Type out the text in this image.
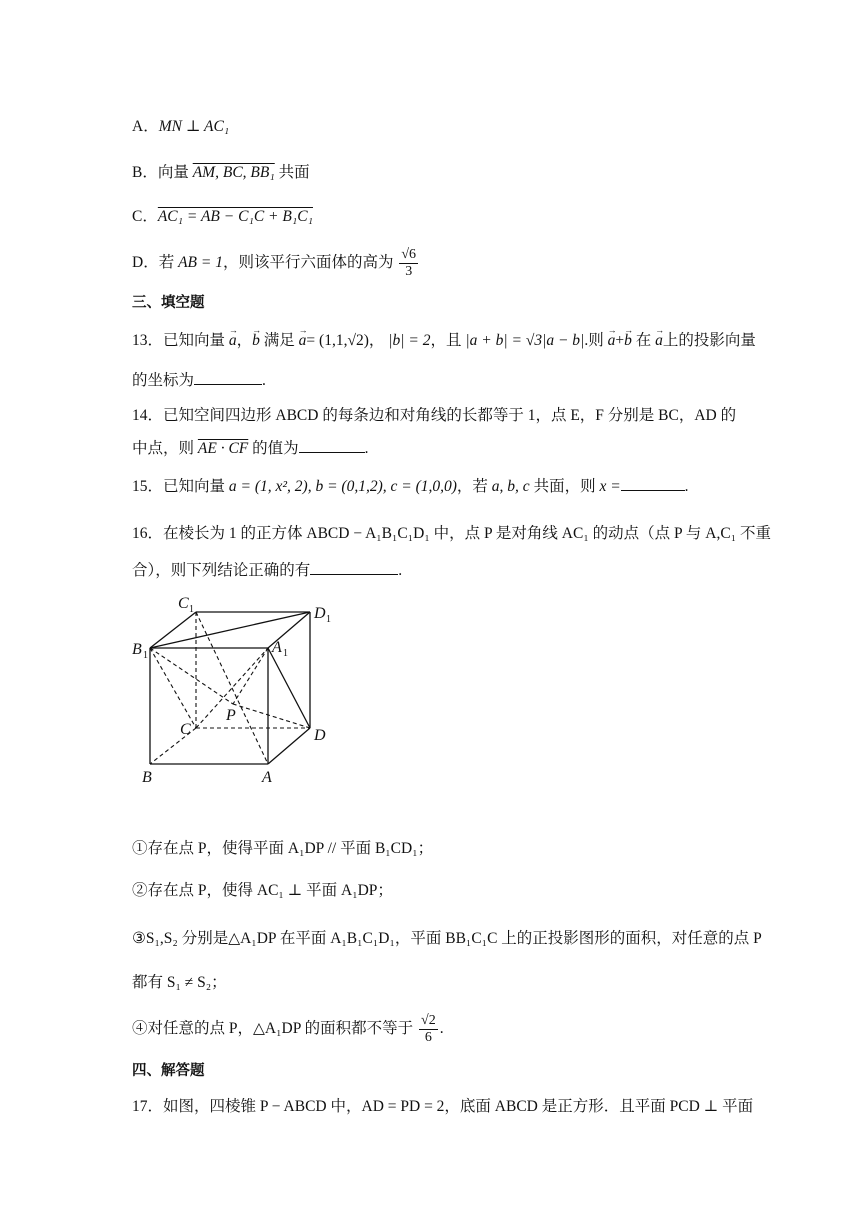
A．MN ⊥ AC₁
B．向量 AM, BC, BB₁ 共面
C．AC₁ = AB − C₁C + B₁C₁
D．若 AB = 1，则该平行六面体的高为 $\frac{√6}{3}$
三、填空题
13．已知向量 → a，→ b 满足 → a= (1,1,√2)， |b| = 2，且 |a + b| = √3|a − b|.则 → a+→ b 在 → a上的投影向量
的坐标为	.
14．已知空间四边形 ABCD 的每条边和对角线的长都等于 1，点 E，F 分别是 BC，AD 的
中点，则 AE · CF 的值为	.
15．已知向量 a = (1, x², 2), b = (0,1,2), c = (1,0,0)，若 a, b, c 共面，则 x =	.
16．在棱长为 1 的正方体 ABCD − A₁B₁C₁D₁ 中，点 P 是对角线 AC₁ 的动点（点 P 与 A,C₁ 不重
合），则下列结论正确的有	.
C 1	D 1
B 1	A 1
C
P
D
B	A
①存在点 P，使得平面 A₁DP // 平面 B₁CD₁；
②存在点 P，使得 AC₁ ⊥ 平面 A₁DP；
③S₁,S₂ 分别是△A₁DP 在平面 A₁B₁C₁D₁，平面 BB₁C₁C 上的正投影图形的面积，对任意的点 P
都有 S₁ ≠ S₂；
④对任意的点 P，△A₁DP 的面积都不等于 $\frac{√2}{6}$ .
四、解答题
17．如图，四棱锥 P − ABCD 中，AD = PD = 2，底面 ABCD 是正方形．且平面 PCD ⊥ 平面
